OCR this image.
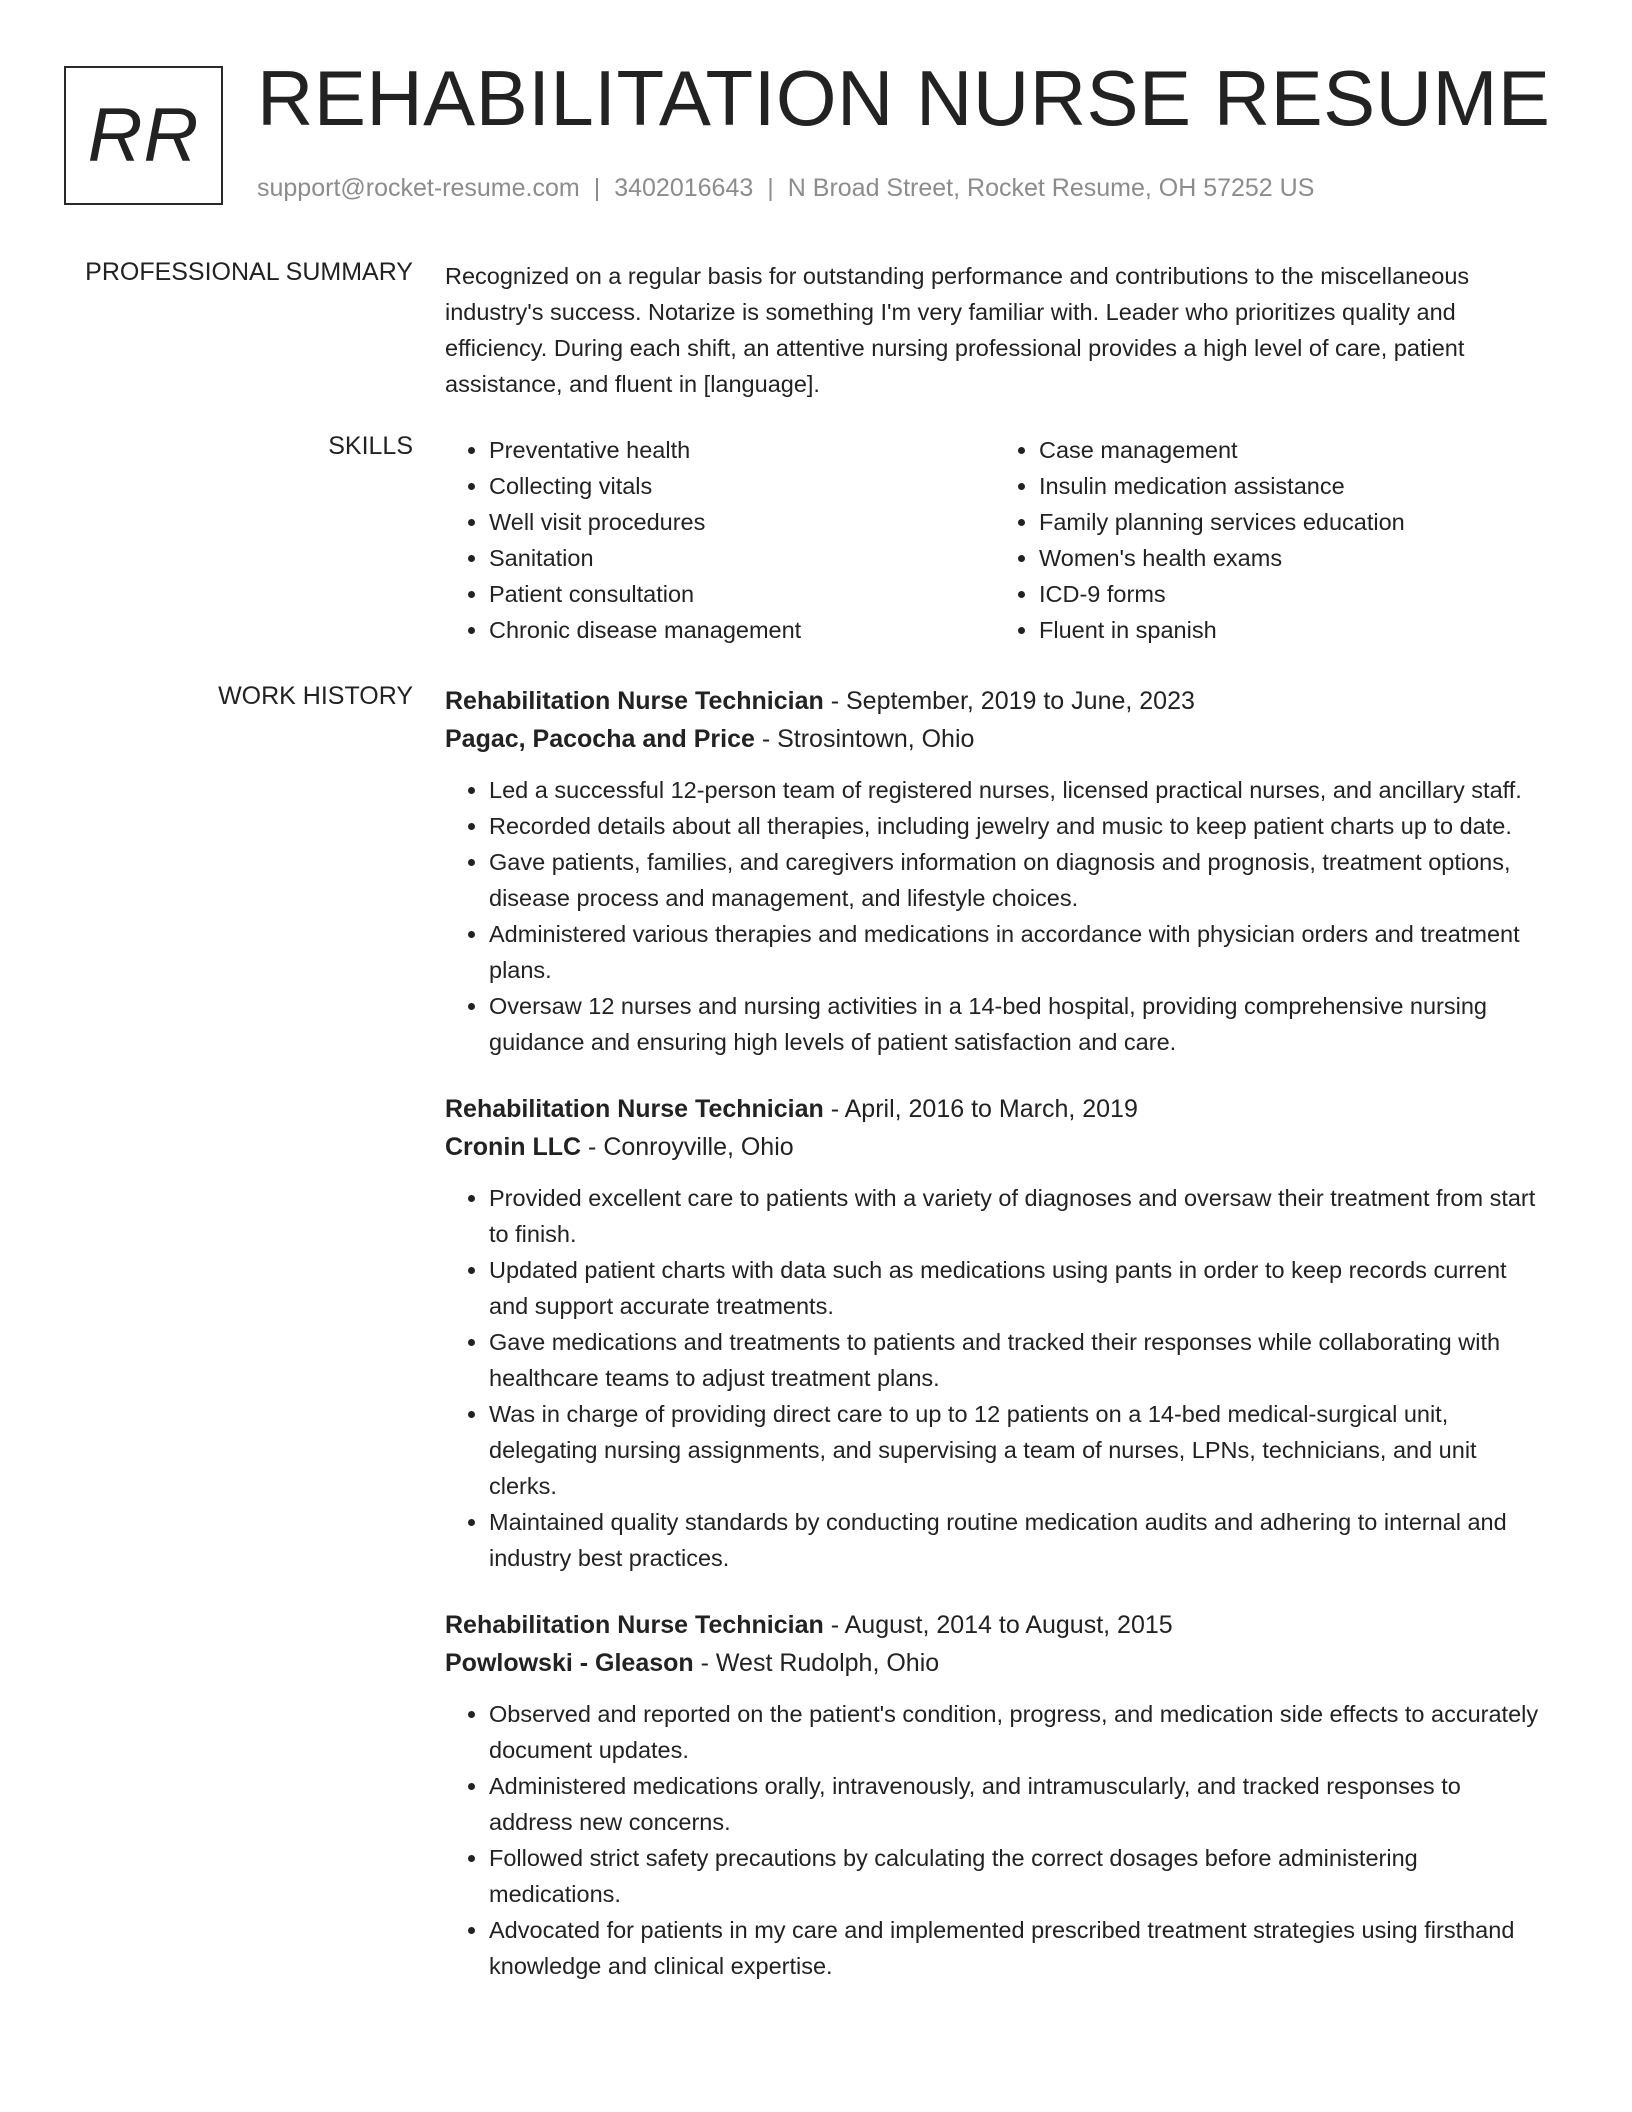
RR REHABILITATION NURSE RESUME
support@rocket-resume.com | 3402016643 | N Broad Street, Rocket Resume, OH 57252 US
PROFESSIONAL SUMMARY Recognized on a regular basis for outstanding performance and contributions to the miscellaneous industry's success. Notarize is something I'm very familiar with. Leader who prioritizes quality and efficiency. During each shift, an attentive nursing professional provides a high level of care, patient assistance, and fluent in [language].

SKILLS
•	Preventative health
• Collecting vitals
• Well visit procedures
• Sanitation
• Patient consultation
• Chronic disease management
• Case management
• Insulin medication assistance
• Family planning services education
• Women's health exams
• ICD-9 forms
• Fluent in spanish
WORK HISTORY Rehabilitation Nurse Technician - September, 2019 to June, 2023
Pagac, Pacocha and Price - Strosintown, Ohio
• Led a successful 12-person team of registered nurses, licensed practical nurses, and ancillary staff.
• Recorded details about all therapies, including jewelry and music to keep patient charts up to date.
• Gave patients, families, and caregivers information on diagnosis and prognosis, treatment options, disease process and management, and lifestyle choices.
• Administered various therapies and medications in accordance with physician orders and treatment plans.
• Oversaw 12 nurses and nursing activities in a 14-bed hospital, providing comprehensive nursing guidance and ensuring high levels of patient satisfaction and care.
Rehabilitation Nurse Technician - April, 2016 to March, 2019
Cronin LLC - Conroyville, Ohio
• Provided excellent care to patients with a variety of diagnoses and oversaw their treatment from start to finish.
• Updated patient charts with data such as medications using pants in order to keep records current and support accurate treatments.
• Gave medications and treatments to patients and tracked their responses while collaborating with healthcare teams to adjust treatment plans.
• Was in charge of providing direct care to up to 12 patients on a 14-bed medical-surgical unit, delegating nursing assignments, and supervising a team of nurses, LPNs, technicians, and unit clerks.
• Maintained quality standards by conducting routine medication audits and adhering to internal and industry best practices.
Rehabilitation Nurse Technician - August, 2014 to August, 2015
Powlowski - Gleason - West Rudolph, Ohio
• Observed and reported on the patient's condition, progress, and medication side effects to accurately document updates.
• Administered medications orally, intravenously, and intramuscularly, and tracked responses to address new concerns.
• Followed strict safety precautions by calculating the correct dosages before administering medications.
• Advocated for patients in my care and implemented prescribed treatment strategies using firsthand knowledge and clinical expertise.
